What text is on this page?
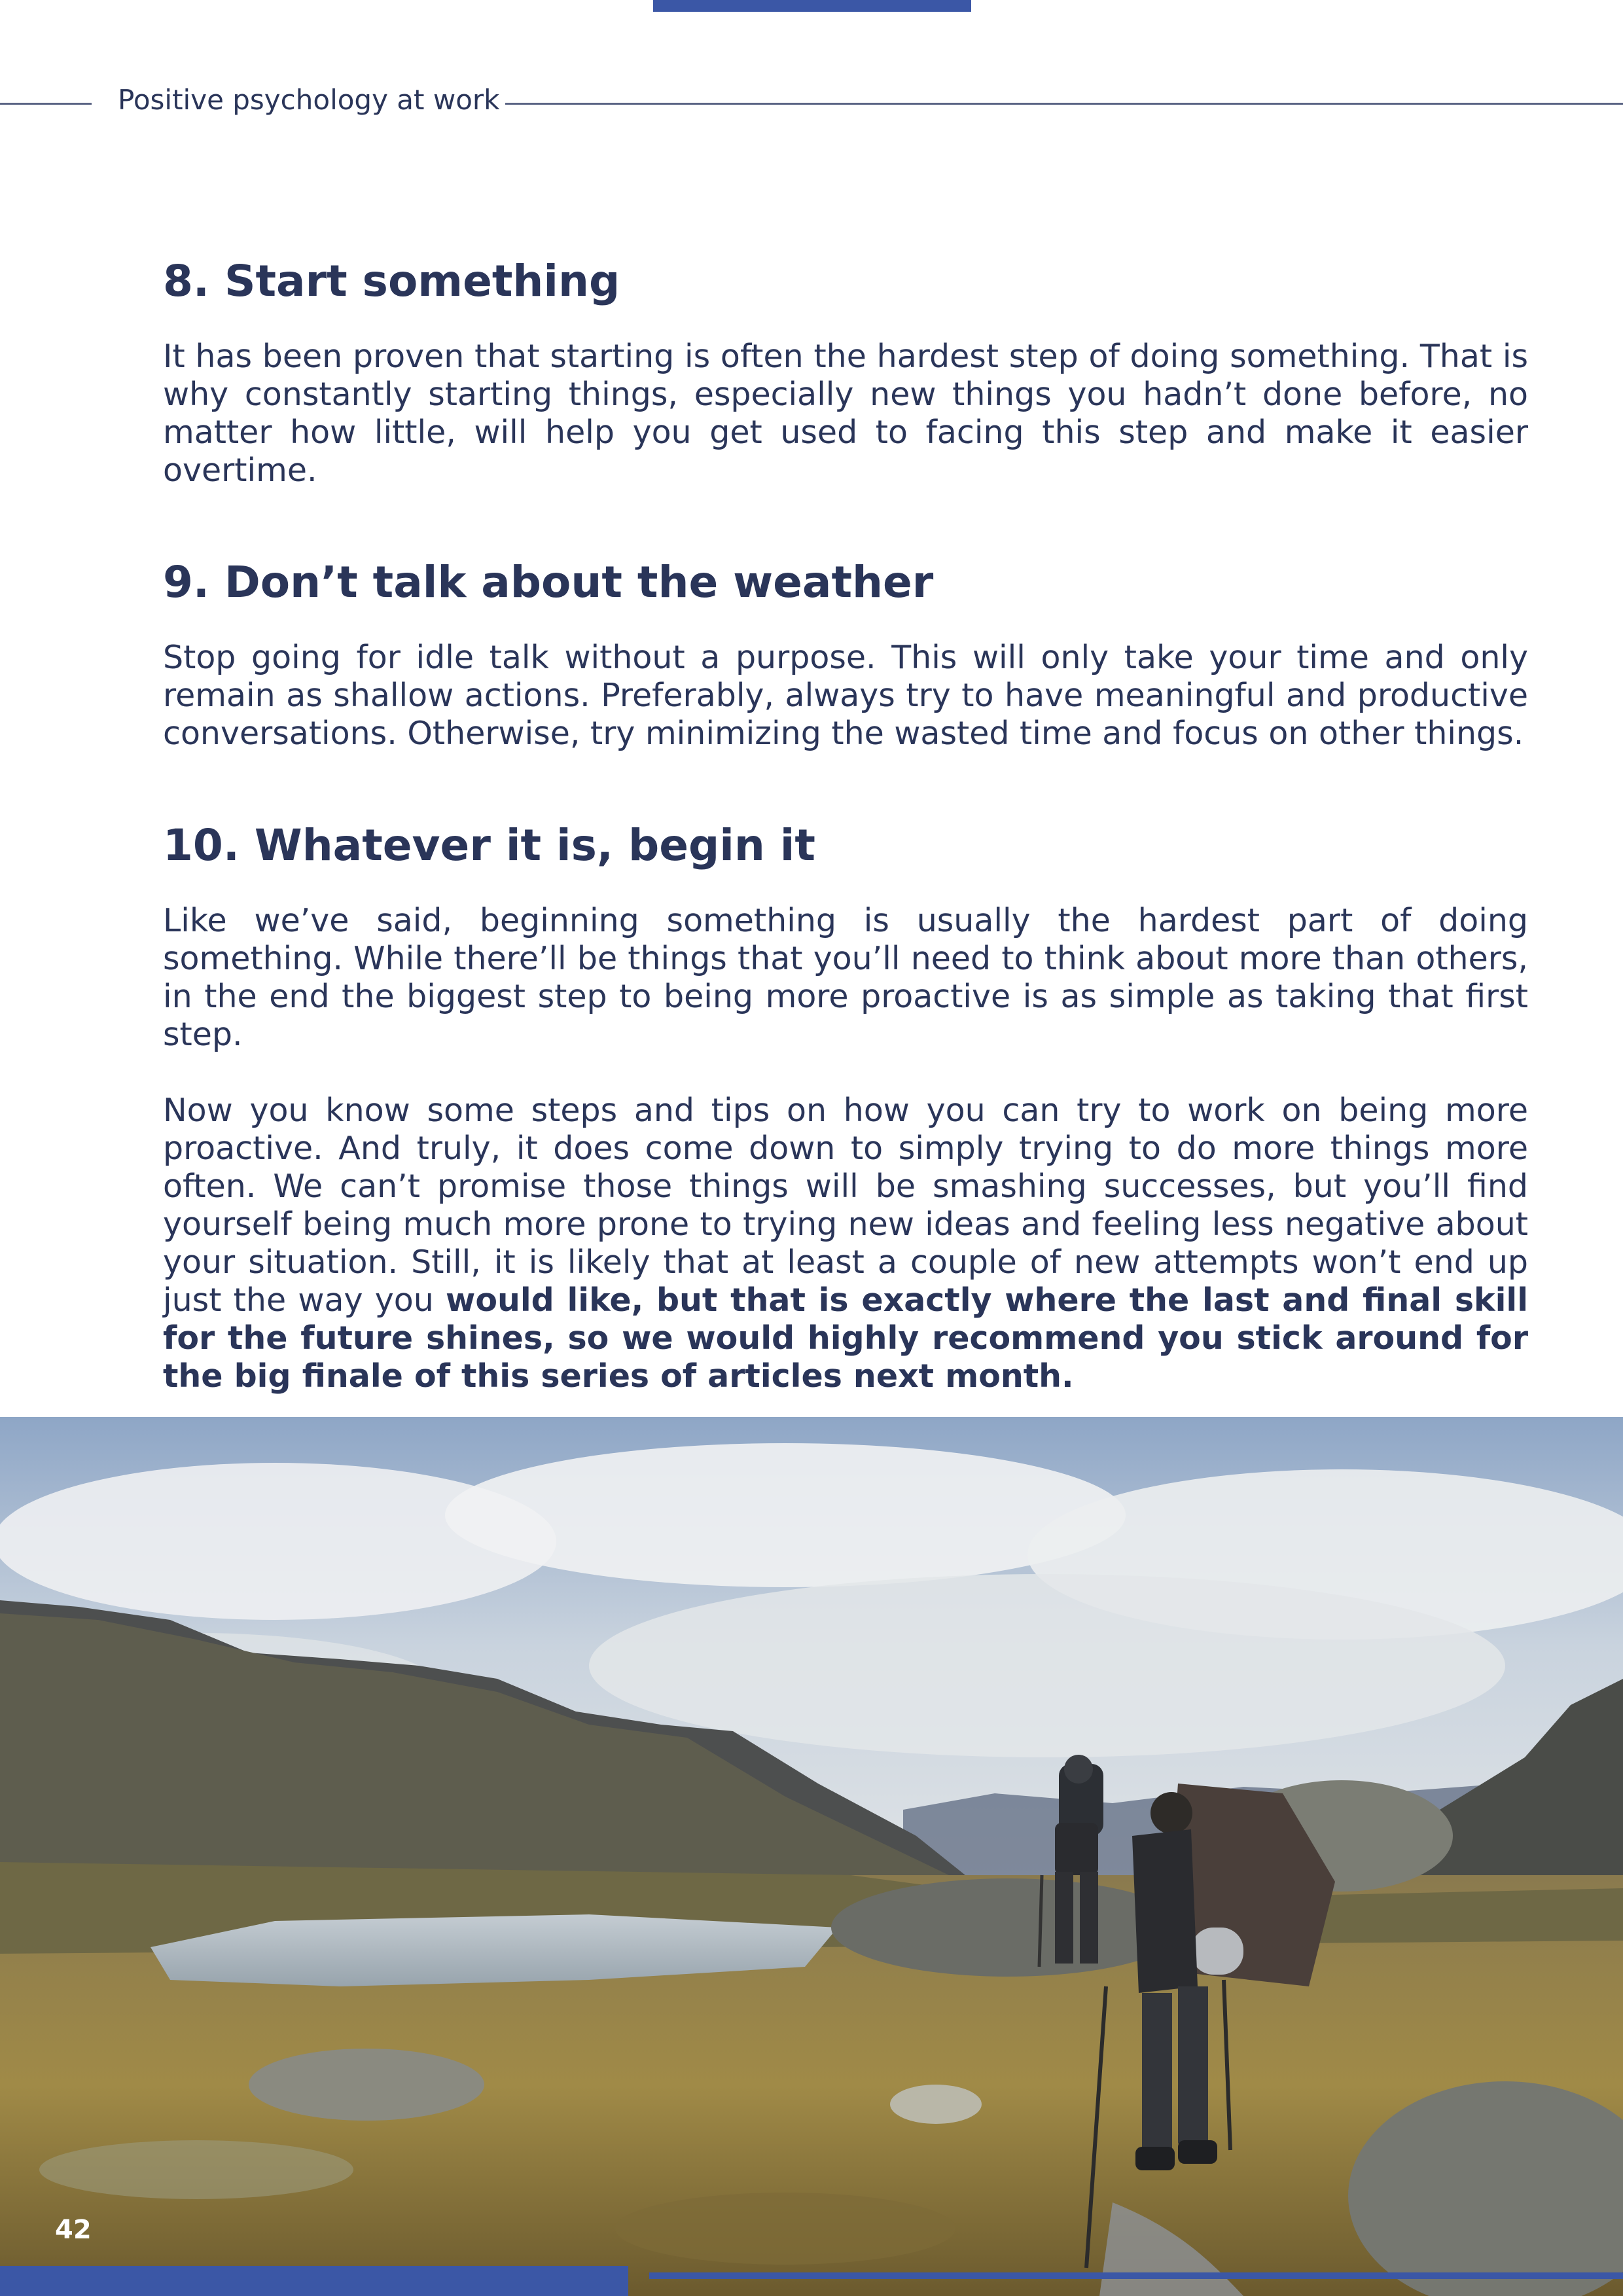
Positive psychology at work
8. Start something

It has been proven that starting is often the hardest step of doing something. That is why constantly starting things, especially new things you hadn’t done before, no matter how little, will help you get used to facing this step and make it easier overtime.

9. Don’t talk about the weather

Stop going for idle talk without a purpose. This will only take your time and only remain as shallow actions. Preferably, always try to have meaningful and productive conversations. Otherwise, try minimizing the wasted time and focus on other things.

10. Whatever it is, begin it

Like we’ve said, beginning something is usually the hardest part of doing something. While there’ll be things that you’ll need to think about more than others, in the end the biggest step to being more proactive is as simple as taking that first step.

Now you know some steps and tips on how you can try to work on being more proactive. And truly, it does come down to simply trying to do more things more often. We can’t promise those things will be smashing successes, but you’ll find yourself being much more prone to trying new ideas and feeling less negative about your situation. Still, it is likely that at least a couple of new attempts won’t end up just the way you would like, but that is exactly where the last and final skill for the future shines, so we would highly recommend you stick around for the big finale of this series of articles next month.

42
